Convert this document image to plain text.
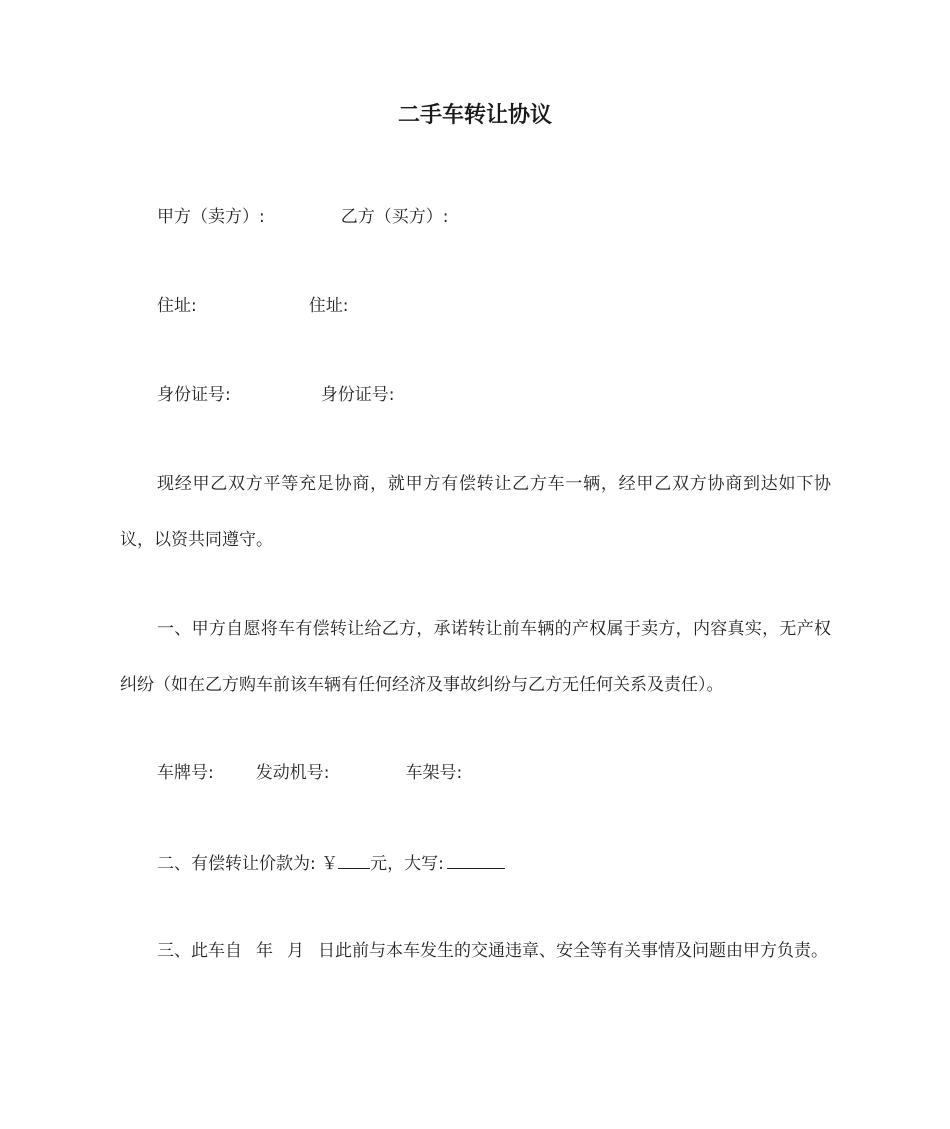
二手车转让协议
甲方（卖方）:	乙方（买方）:
住址:	住址:
身份证号:	身份证号:
现经甲乙双方平等充足协商，就甲方有偿转让乙方车一辆，经甲乙双方协商到达如下协议，以资共同遵守。
一、甲方自愿将车有偿转让给乙方，承诺转让前车辆的产权属于卖方，内容真实，无产权纠纷（如在乙方购车前该车辆有任何经济及事故纠纷与乙方无任何关系及责任）。
车牌号: 发动机号:	车架号:
二、有偿转让价款为: ￥ 元，大写:
三、此车自 年 月 日此前与本车发生的交通违章、安全等有关事情及问题由甲方负责。
